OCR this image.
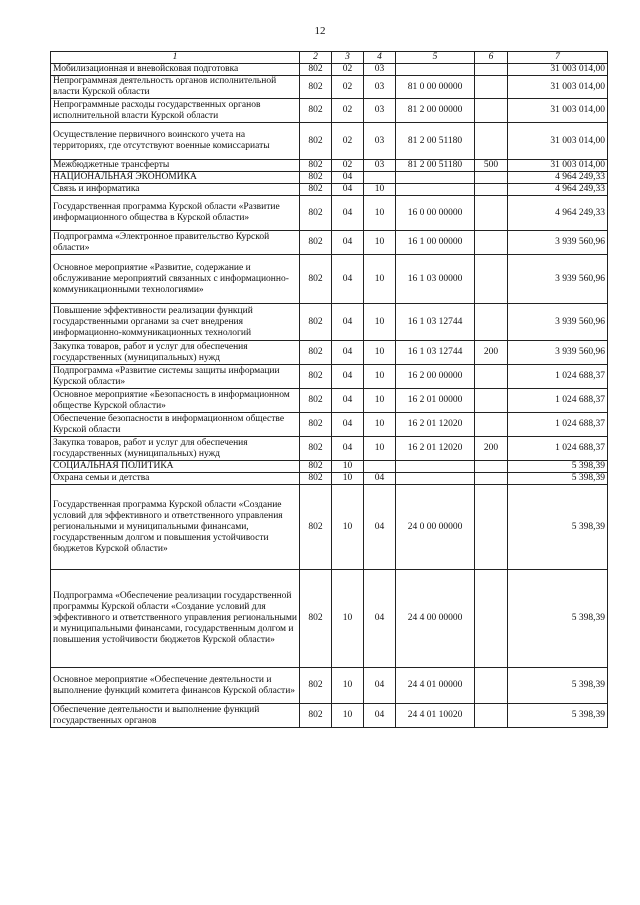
12
1	2	3	4	5	6	7
Мобилизационная и вневойсковая подготовка	802	02	03			31 003 014,00
Непрограммная деятельность органов исполнительной власти Курской области	802	02	03	81 0 00 00000		31 003 014,00
Непрограммные расходы государственных органов исполнительной власти Курской области	802	02	03	81 2 00 00000		31 003 014,00
Осуществление первичного воинского учета на территориях, где отсутствуют военные комиссариаты	802	02	03	81 2 00 51180		31 003 014,00
Межбюджетные трансферты	802	02	03	81 2 00 51180	500	31 003 014,00
НАЦИОНАЛЬНАЯ ЭКОНОМИКА	802	04				4 964 249,33
Связь и информатика	802	04	10			4 964 249,33
Государственная программа Курской области «Развитие информационного общества в Курской области»	802	04	10	16 0 00 00000		4 964 249,33
Подпрограмма «Электронное правительство Курской области»	802	04	10	16 1 00 00000		3 939 560,96
Основное мероприятие «Развитие, содержание и обслуживание мероприятий связанных с информационно-коммуникационными технологиями»	802	04	10	16 1 03 00000		3 939 560,96
Повышение эффективности реализации функций государственными органами за счет внедрения информационно-коммуникационных технологий	802	04	10	16 1 03 12744		3 939 560,96
Закупка товаров, работ и услуг для обеспечения государственных (муниципальных) нужд	802	04	10	16 1 03 12744	200	3 939 560,96
Подпрограмма «Развитие системы защиты информации Курской области»	802	04	10	16 2 00 00000		1 024 688,37
Основное мероприятие «Безопасность в информационном обществе Курской области»	802	04	10	16 2 01 00000		1 024 688,37
Обеспечение безопасности в информационном обществе Курской области	802	04	10	16 2 01 12020		1 024 688,37
Закупка товаров, работ и услуг для обеспечения государственных (муниципальных) нужд	802	04	10	16 2 01 12020	200	1 024 688,37
СОЦИАЛЬНАЯ ПОЛИТИКА	802	10				5 398,39
Охрана семьи и детства	802	10	04			5 398,39
Государственная программа Курской области «Создание условий для эффективного и ответственного управления региональными и муниципальными финансами, государственным долгом и повышения устойчивости бюджетов Курской области»	802	10	04	24 0 00 00000		5 398,39
Подпрограмма «Обеспечение реализации государственной программы Курской области «Создание условий для эффективного и ответственного управления региональными и муниципальными финансами, государственным долгом и повышения устойчивости бюджетов Курской области»	802	10	04	24 4 00 00000		5 398,39
Основное мероприятие «Обеспечение деятельности и выполнение функций комитета финансов Курской области»	802	10	04	24 4 01 00000		5 398,39
Обеспечение деятельности и выполнение функций государственных органов	802	10	04	24 4 01 10020		5 398,39
